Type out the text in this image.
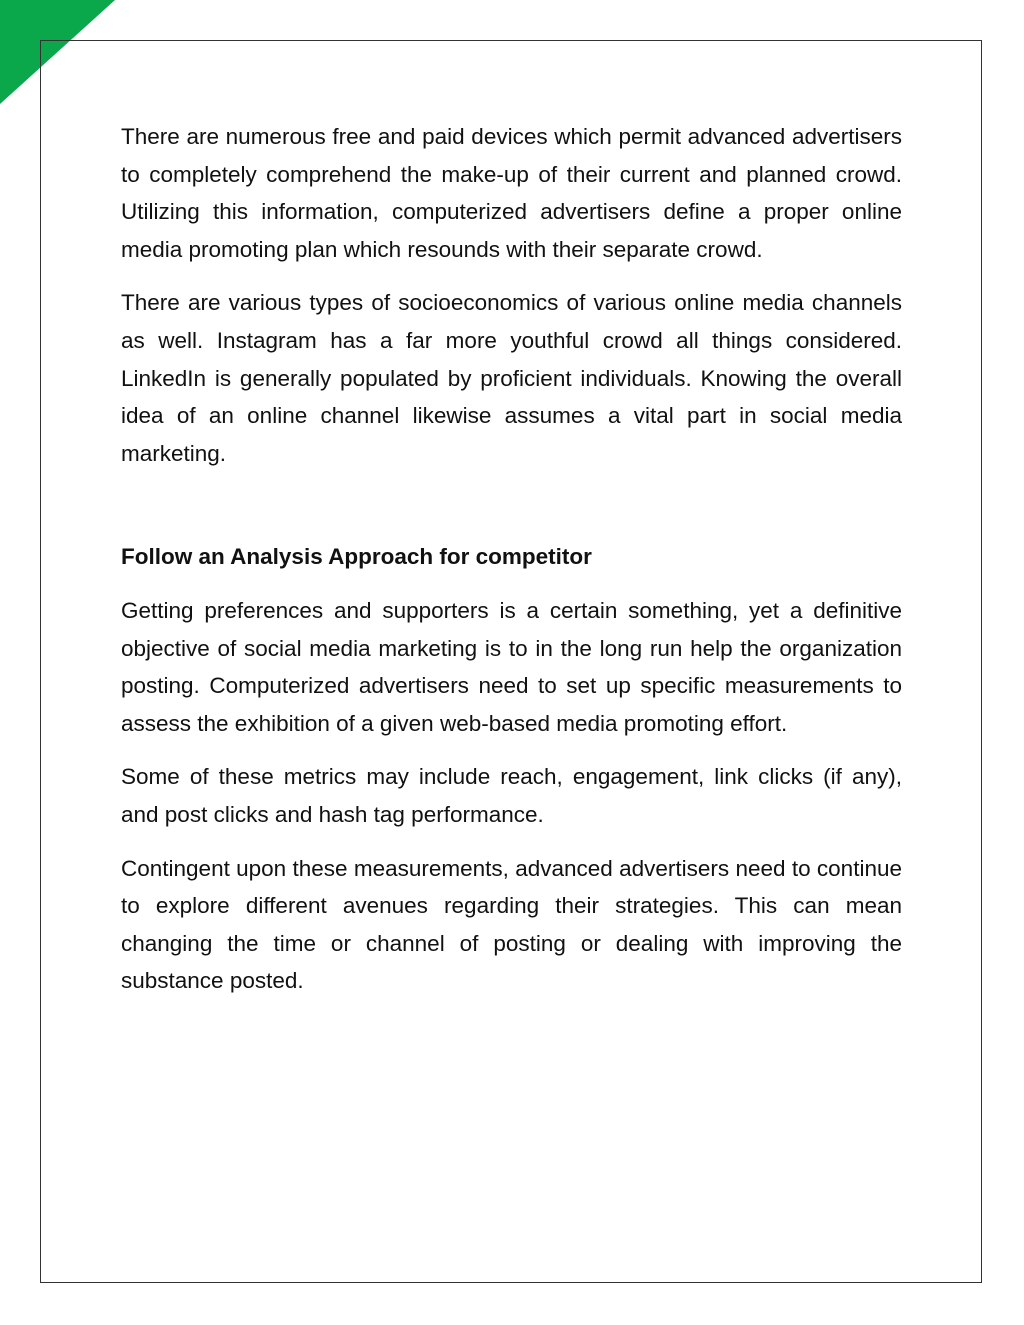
There are numerous free and paid devices which permit advanced advertisers to completely comprehend the make-up of their current and planned crowd. Utilizing this information, computerized advertisers define a proper online media promoting plan which resounds with their separate crowd.

There are various types of socioeconomics of various online media channels as well. Instagram has a far more youthful crowd all things considered. LinkedIn is generally populated by proficient individuals. Knowing the overall idea of an online channel likewise assumes a vital part in social media marketing.

Follow an Analysis Approach for competitor

Getting preferences and supporters is a certain something, yet a definitive objective of social media marketing is to in the long run help the organization posting. Computerized advertisers need to set up specific measurements to assess the exhibition of a given web-based media promoting effort.

Some of these metrics may include reach, engagement, link clicks (if any), and post clicks and hash tag performance.

Contingent upon these measurements, advanced advertisers need to continue to explore different avenues regarding their strategies. This can mean changing the time or channel of posting or dealing with improving the substance posted.
